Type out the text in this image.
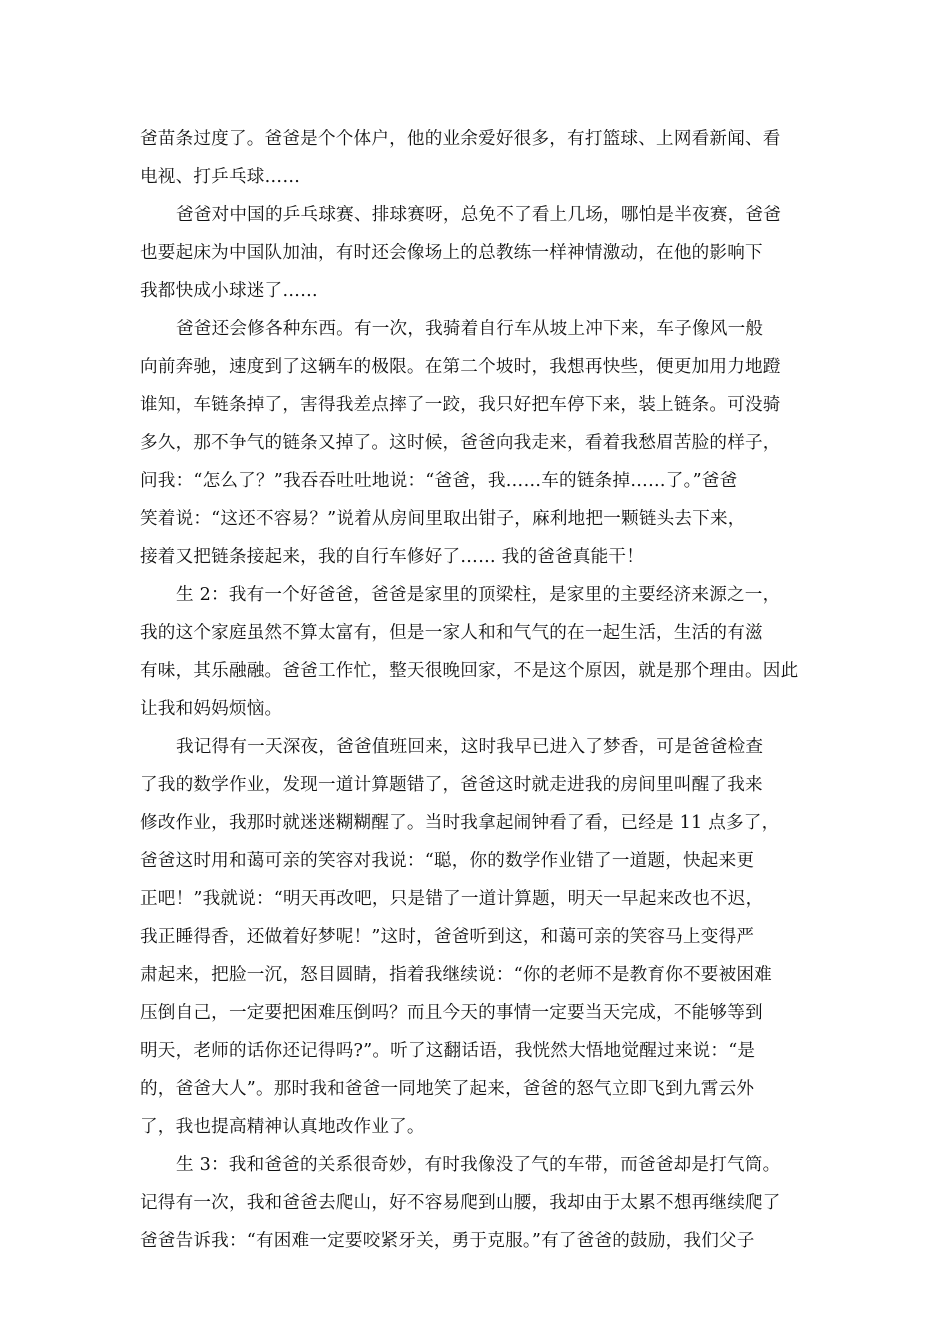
爸苗条过度了。爸爸是个个体户，他的业余爱好很多，有打篮球、上网看新闻、看
电视、打乒乓球……
爸爸对中国的乒乓球赛、排球赛呀，总免不了看上几场，哪怕是半夜赛，爸爸
也要起床为中国队加油，有时还会像场上的总教练一样神情激动，在他的影响下
我都快成小球迷了……
爸爸还会修各种东西。有一次，我骑着自行车从坡上冲下来，车子像风一般
向前奔驰，速度到了这辆车的极限。在第二个坡时，我想再快些，便更加用力地蹬
谁知，车链条掉了，害得我差点摔了一跤，我只好把车停下来，装上链条。可没骑
多久，那不争气的链条又掉了。这时候，爸爸向我走来，看着我愁眉苦脸的样子，
问我：“怎么了？”我吞吞吐吐地说：“爸爸，我……车的链条掉……了。”爸爸
笑着说：“这还不容易？”说着从房间里取出钳子，麻利地把一颗链头去下来，
接着又把链条接起来，我的自行车修好了…… 我的爸爸真能干！
生 2：我有一个好爸爸，爸爸是家里的顶梁柱，是家里的主要经济来源之一，
我的这个家庭虽然不算太富有，但是一家人和和气气的在一起生活，生活的有滋
有味，其乐融融。爸爸工作忙，整天很晚回家，不是这个原因，就是那个理由。因此
让我和妈妈烦恼。
我记得有一天深夜，爸爸值班回来，这时我早已进入了梦香，可是爸爸检查
了我的数学作业，发现一道计算题错了，爸爸这时就走进我的房间里叫醒了我来
修改作业，我那时就迷迷糊糊醒了。当时我拿起闹钟看了看，已经是 11 点多了，
爸爸这时用和蔼可亲的笑容对我说：“聪，你的数学作业错了一道题，快起来更
正吧！”我就说：“明天再改吧，只是错了一道计算题，明天一早起来改也不迟，
我正睡得香，还做着好梦呢！”这时，爸爸听到这，和蔼可亲的笑容马上变得严
肃起来，把脸一沉，怒目圆睛，指着我继续说：“你的老师不是教育你不要被困难
压倒自己，一定要把困难压倒吗？而且今天的事情一定要当天完成，不能够等到
明天，老师的话你还记得吗?”。听了这翻话语，我恍然大悟地觉醒过来说：“是
的，爸爸大人”。那时我和爸爸一同地笑了起来，爸爸的怒气立即飞到九霄云外
了，我也提高精神认真地改作业了。
生 3：我和爸爸的关系很奇妙，有时我像没了气的车带，而爸爸却是打气筒。
记得有一次，我和爸爸去爬山，好不容易爬到山腰，我却由于太累不想再继续爬了
爸爸告诉我：“有困难一定要咬紧牙关，勇于克服。”有了爸爸的鼓励，我们父子
